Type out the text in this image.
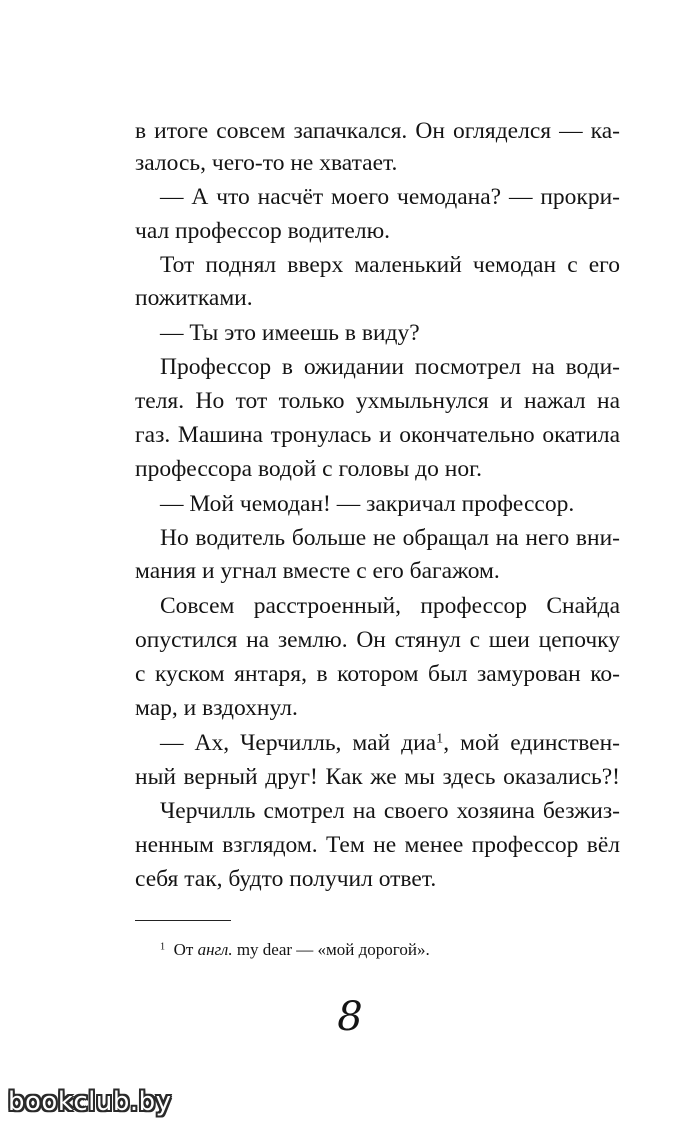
в итоге совсем запачкался. Он огляделся — ка-

залось, чего-то не хватает.

— А что насчёт моего чемодана? — прокри-

чал профессор водителю.

Тот поднял вверх маленький чемодан с его

пожитками.

— Ты это имеешь в виду?

Профессор в ожидании посмотрел на води-

теля. Но тот только ухмыльнулся и нажал на

газ. Машина тронулась и окончательно окатила

профессора водой с головы до ног.

— Мой чемодан! — закричал профессор.

Но водитель больше не обращал на него вни-

мания и угнал вместе с его багажом.

Совсем расстроенный, профессор Снайда

опустился на землю. Он стянул с шеи цепочку

с куском янтаря, в котором был замурован ко-

мар, и вздохнул.

— Ах, Черчилль, май диа$^1$, мой единствен-

ный верный друг! Как же мы здесь оказались?!

Черчилль смотрел на своего хозяина безжиз-

ненным взглядом. Тем не менее профессор вёл

себя так, будто получил ответ.

$^1$ От англ. my dear — «мой дорогой».
8
bookclub.by
